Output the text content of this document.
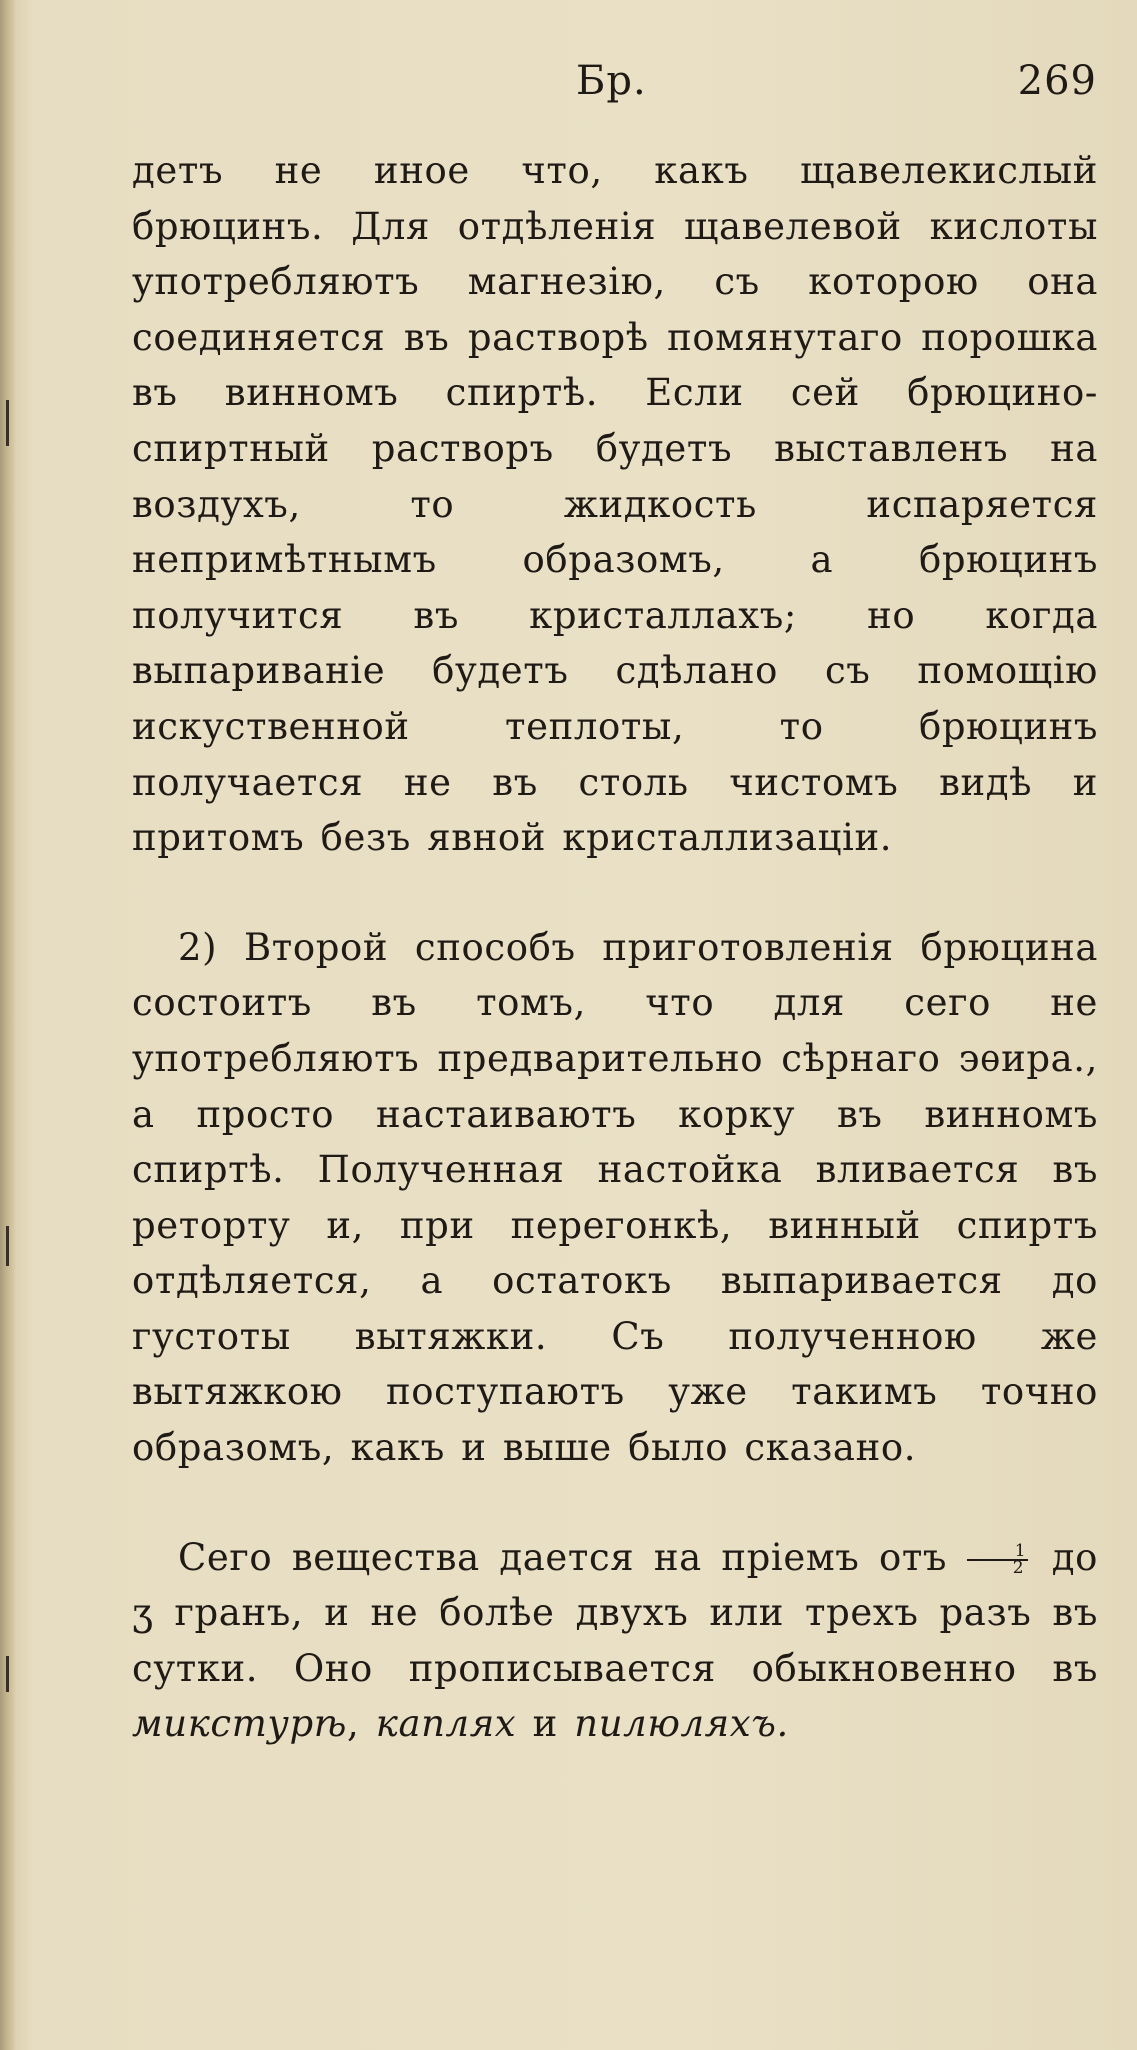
Бр.	269

детъ не иное что, какъ щавелекислый брюцинъ. Для отдѣленія щавелевой кислоты употребляютъ магнезію, съ которою она соединяется въ растворѣ помянутаго порошка въ винномъ спиртѣ. Если сей брюцино-спиртный растворъ будетъ выставленъ на воздухъ, то жидкость испаряется непримѣтнымъ образомъ, а брюцинъ получится въ кристаллахъ; но когда выпариваніе будетъ сдѣлано съ помощію искуственной теплоты, то брюцинъ получается не въ столь чистомъ видѣ и притомъ безъ явной кристаллизаціи.

2) Второй способъ приготовленія брюцина состоитъ въ томъ, что для сего не употребляютъ предварительно сѣрнаго эѳира., а просто настаиваютъ корку въ винномъ спиртѣ. Полученная настойка вливается въ реторту и, при перегонкѣ, винный спиртъ отдѣляется, а остатокъ выпаривается до густоты вытяжки. Съ полученною же вытяжкою поступаютъ уже такимъ точно образомъ, какъ и выше было сказано.

Сего вещества дается на пріемъ отъ $\frac{1}{2}$ до ʒ гранъ, и не болѣе двухъ или трехъ разъ въ сутки. Оно прописывается обыкновенно въ микстурѣ, каплях и пилюляхъ.
